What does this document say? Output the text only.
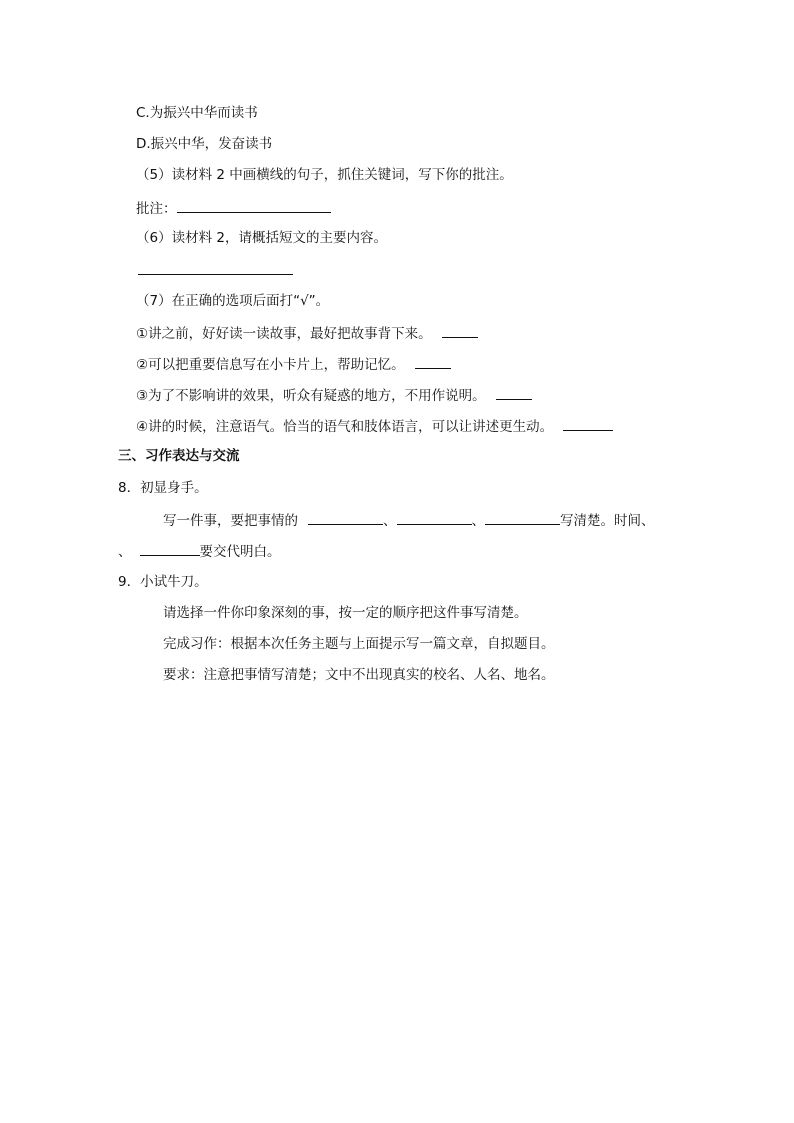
C.为振兴中华而读书
D.振兴中华，发奋读书
（5）读材料 2 中画横线的句子，抓住关键词，写下你的批注。
批注：
（6）读材料 2，请概括短文的主要内容。
（7）在正确的选项后面打“√”。
①讲之前，好好读一读故事，最好把故事背下来。
②可以把重要信息写在小卡片上，帮助记忆。
③为了不影响讲的效果，听众有疑惑的地方，不用作说明。
④讲的时候，注意语气。恰当的语气和肢体语言，可以让讲述更生动。
三、习作表达与交流
8．初显身手。
写一件事，要把事情的	、	、	写清楚。时间、
、	要交代明白。
9．小试牛刀。
请选择一件你印象深刻的事，按一定的顺序把这件事写清楚。
完成习作：根据本次任务主题与上面提示写一篇文章，自拟题目。
要求：注意把事情写清楚；文中不出现真实的校名、人名、地名。
